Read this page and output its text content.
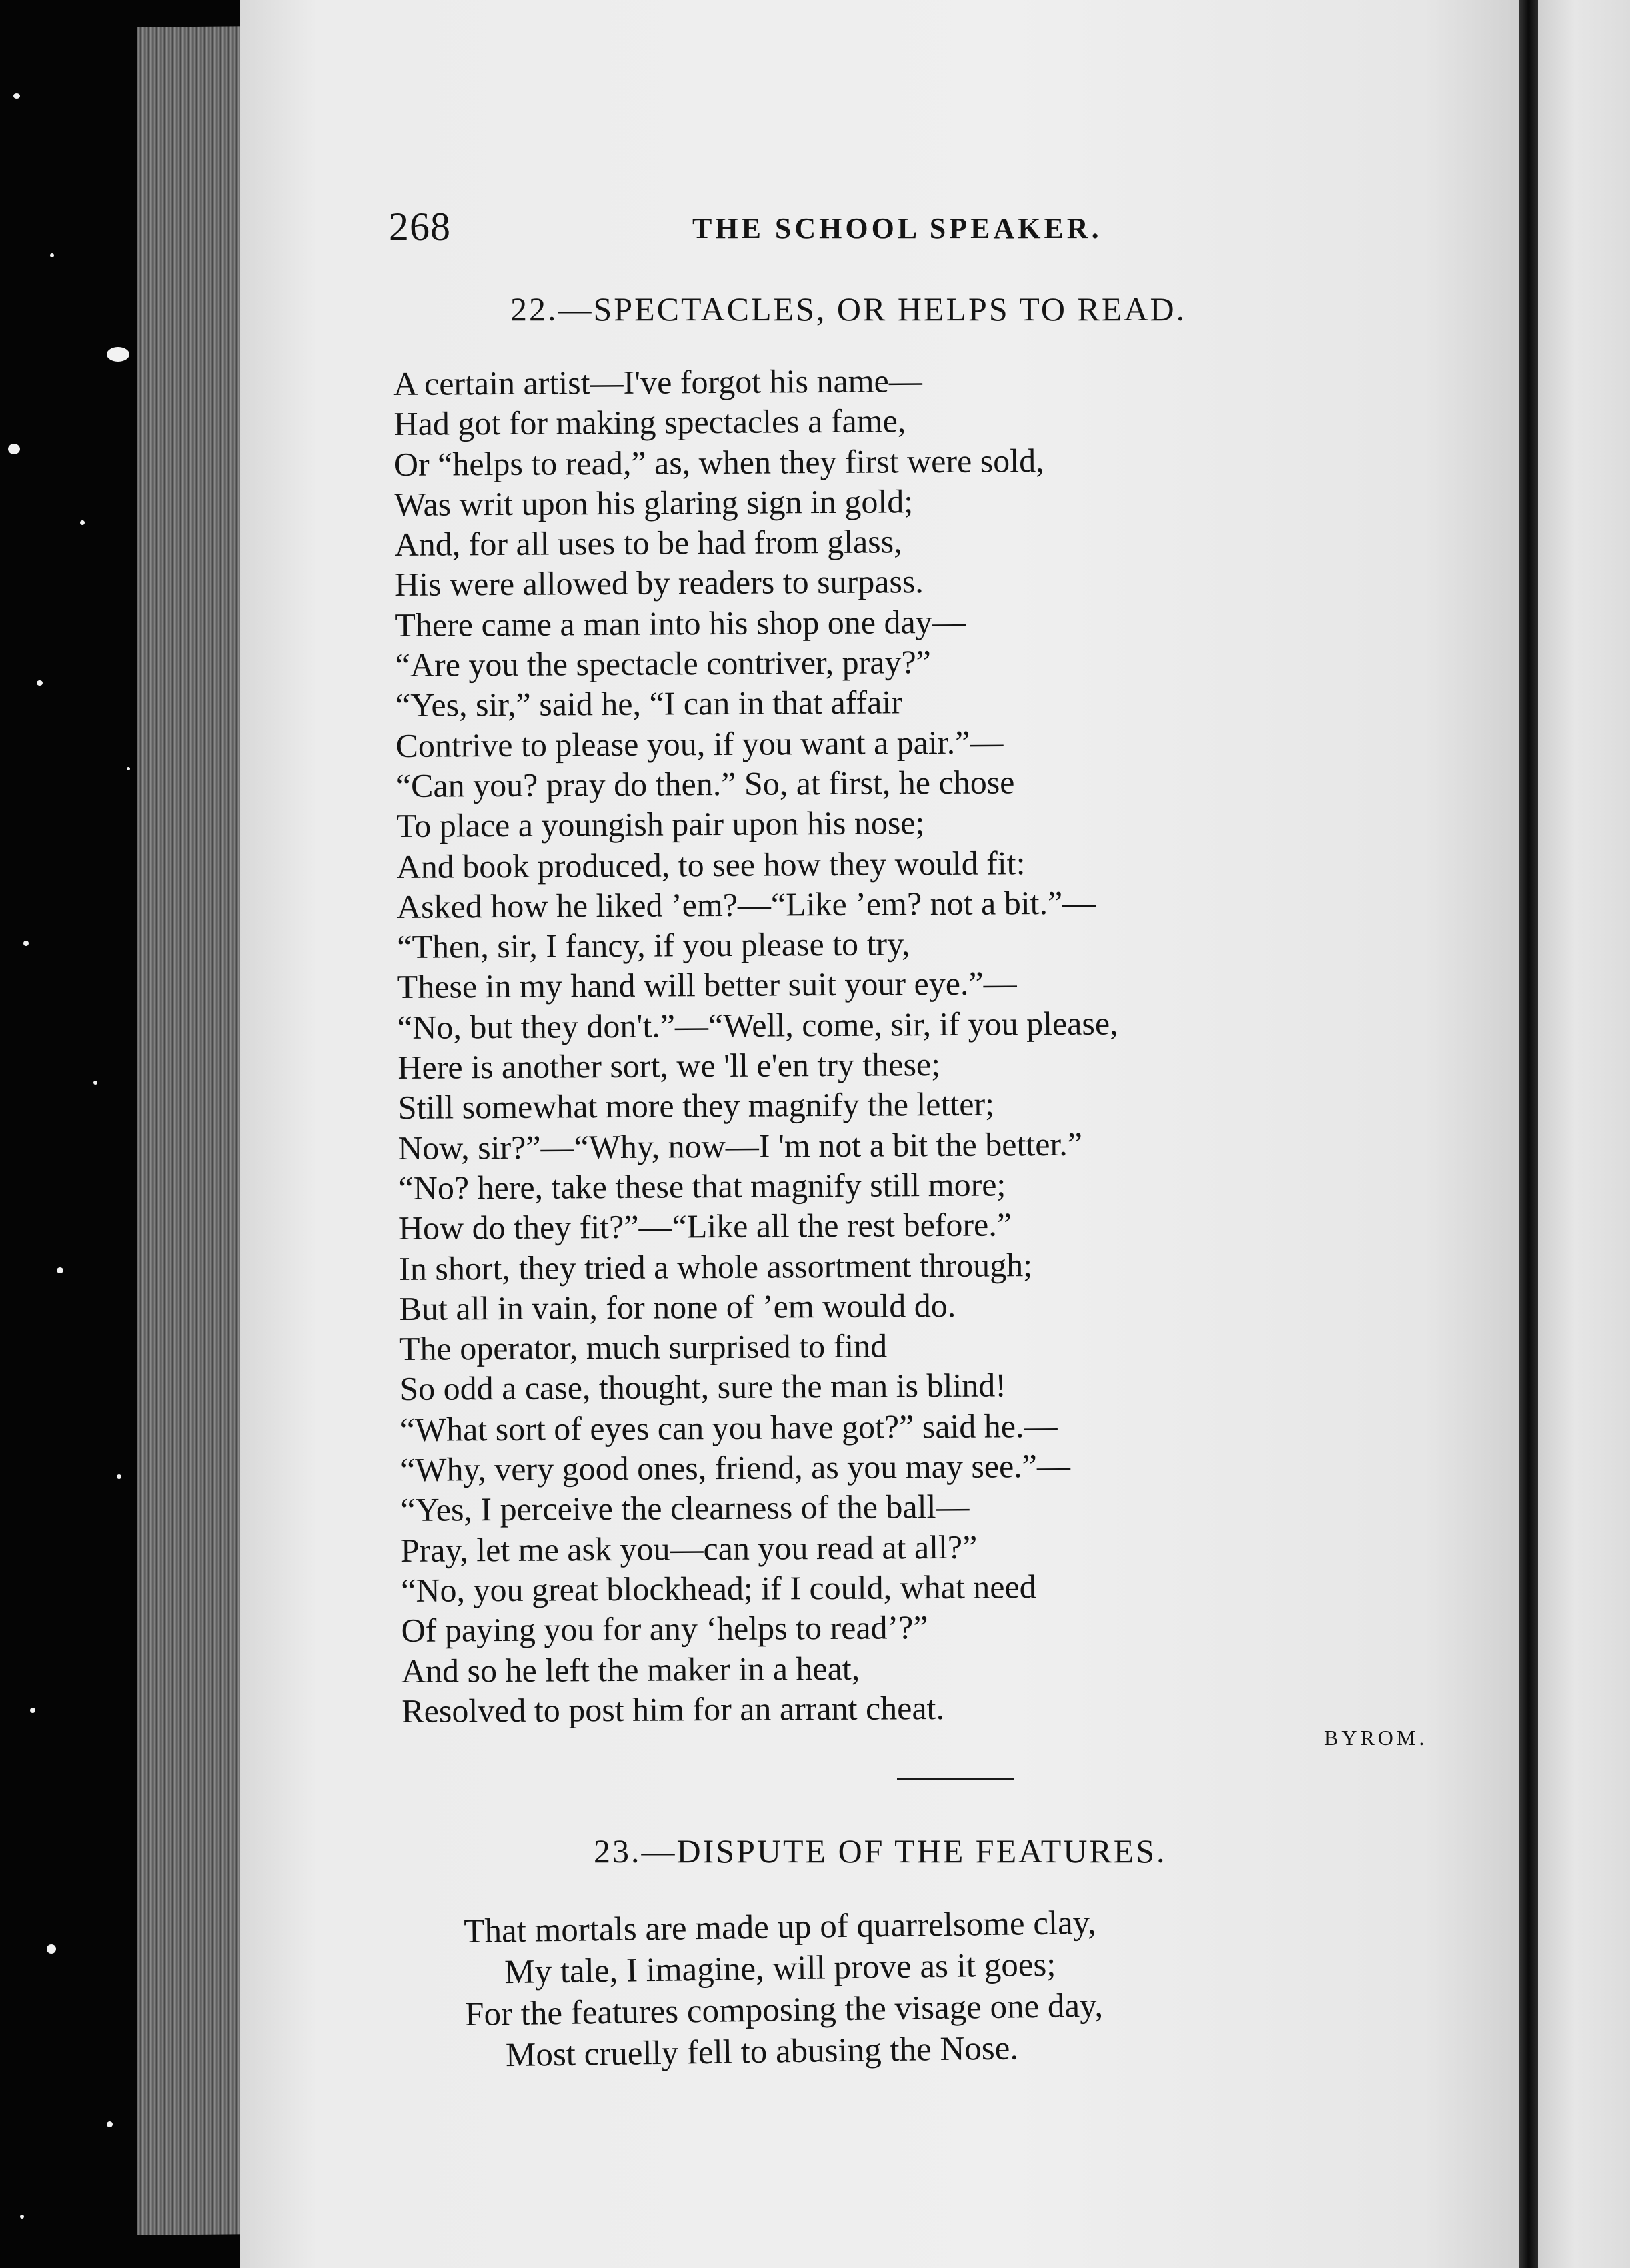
268	THE SCHOOL SPEAKER.
22.—SPECTACLES, OR HELPS TO READ.
A certain artist—I've forgot his name—
Had got for making spectacles a fame,
Or “helps to read,” as, when they first were sold,
Was writ upon his glaring sign in gold;
And, for all uses to be had from glass,
His were allowed by readers to surpass.
There came a man into his shop one day—
“Are you the spectacle contriver, pray?”
“Yes, sir,” said he, “I can in that affair
Contrive to please you, if you want a pair.”—
“Can you? pray do then.” So, at first, he chose
To place a youngish pair upon his nose;
And book produced, to see how they would fit:
Asked how he liked ’em?—“Like ’em? not a bit.”—
“Then, sir, I fancy, if you please to try,
These in my hand will better suit your eye.”—
“No, but they don't.”—“Well, come, sir, if you please,
Here is another sort, we 'll e'en try these;
Still somewhat more they magnify the letter;
Now, sir?”—“Why, now—I 'm not a bit the better.”
“No? here, take these that magnify still more;
How do they fit?”—“Like all the rest before.”
In short, they tried a whole assortment through;
But all in vain, for none of ’em would do.
The operator, much surprised to find
So odd a case, thought, sure the man is blind!
“What sort of eyes can you have got?” said he.—
“Why, very good ones, friend, as you may see.”—
“Yes, I perceive the clearness of the ball—
Pray, let me ask you—can you read at all?”
“No, you great blockhead; if I could, what need
Of paying you for any ‘helps to read’?”
And so he left the maker in a heat,
Resolved to post him for an arrant cheat.
BYROM.
23.—DISPUTE OF THE FEATURES.
That mortals are made up of quarrelsome clay,
My tale, I imagine, will prove as it goes;
For the features composing the visage one day,
Most cruelly fell to abusing the Nose.
